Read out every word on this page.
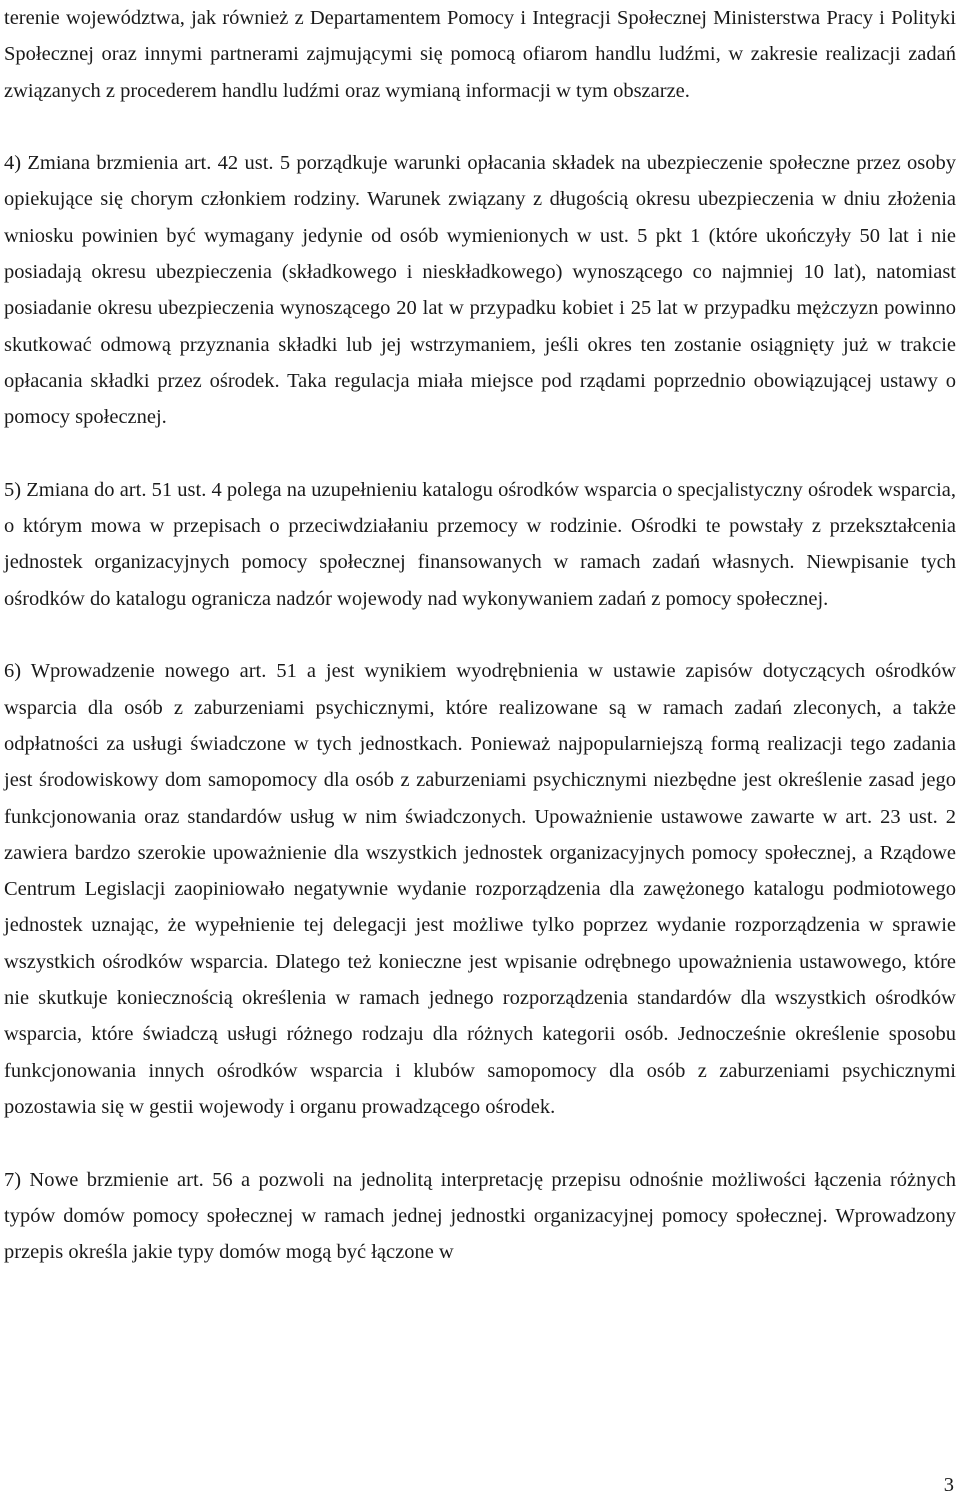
terenie województwa, jak również z Departamentem Pomocy i Integracji Społecznej Ministerstwa Pracy i Polityki Społecznej oraz innymi partnerami zajmującymi się pomocą ofiarom handlu ludźmi, w zakresie realizacji zadań związanych z procederem handlu ludźmi oraz wymianą informacji w tym obszarze.

4) Zmiana brzmienia art. 42 ust. 5 porządkuje warunki opłacania składek na ubezpieczenie społeczne przez osoby opiekujące się chorym członkiem rodziny. Warunek związany z długością okresu ubezpieczenia w dniu złożenia wniosku powinien być wymagany jedynie od osób wymienionych w ust. 5 pkt 1 (które ukończyły 50 lat i nie posiadają okresu ubezpieczenia (składkowego i nieskładkowego) wynoszącego co najmniej 10 lat), natomiast posiadanie okresu ubezpieczenia wynoszącego 20 lat w przypadku kobiet i 25 lat w przypadku mężczyzn powinno skutkować odmową przyznania składki lub jej wstrzymaniem, jeśli okres ten zostanie osiągnięty już w trakcie opłacania składki przez ośrodek. Taka regulacja miała miejsce pod rządami poprzednio obowiązującej ustawy o pomocy społecznej.

5) Zmiana do art. 51 ust. 4 polega na uzupełnieniu katalogu ośrodków wsparcia o specjalistyczny ośrodek wsparcia, o którym mowa w przepisach o przeciwdziałaniu przemocy w rodzinie. Ośrodki te powstały z przekształcenia jednostek organizacyjnych pomocy społecznej finansowanych w ramach zadań własnych. Niewpisanie tych ośrodków do katalogu ogranicza nadzór wojewody nad wykonywaniem zadań z pomocy społecznej.

6) Wprowadzenie nowego art. 51 a jest wynikiem wyodrębnienia w ustawie zapisów dotyczących ośrodków wsparcia dla osób z zaburzeniami psychicznymi, które realizowane są w ramach zadań zleconych, a także odpłatności za usługi świadczone w tych jednostkach. Ponieważ najpopularniejszą formą realizacji tego zadania jest środowiskowy dom samopomocy dla osób z zaburzeniami psychicznymi niezbędne jest określenie zasad jego funkcjonowania oraz standardów usług w nim świadczonych. Upoważnienie ustawowe zawarte w art. 23 ust. 2 zawiera bardzo szerokie upoważnienie dla wszystkich jednostek organizacyjnych pomocy społecznej, a Rządowe Centrum Legislacji zaopiniowało negatywnie wydanie rozporządzenia dla zawężonego katalogu podmiotowego jednostek uznając, że wypełnienie tej delegacji jest możliwe tylko poprzez wydanie rozporządzenia w sprawie wszystkich ośrodków wsparcia. Dlatego też konieczne jest wpisanie odrębnego upoważnienia ustawowego, które nie skutkuje koniecznością określenia w ramach jednego rozporządzenia standardów dla wszystkich ośrodków wsparcia, które świadczą usługi różnego rodzaju dla różnych kategorii osób. Jednocześnie określenie sposobu funkcjonowania innych ośrodków wsparcia i klubów samopomocy dla osób z zaburzeniami psychicznymi pozostawia się w gestii wojewody i organu prowadzącego ośrodek.

7) Nowe brzmienie art. 56 a pozwoli na jednolitą interpretację przepisu odnośnie możliwości łączenia różnych typów domów pomocy społecznej w ramach jednej jednostki organizacyjnej pomocy społecznej. Wprowadzony przepis określa jakie typy domów mogą być łączone w

3
